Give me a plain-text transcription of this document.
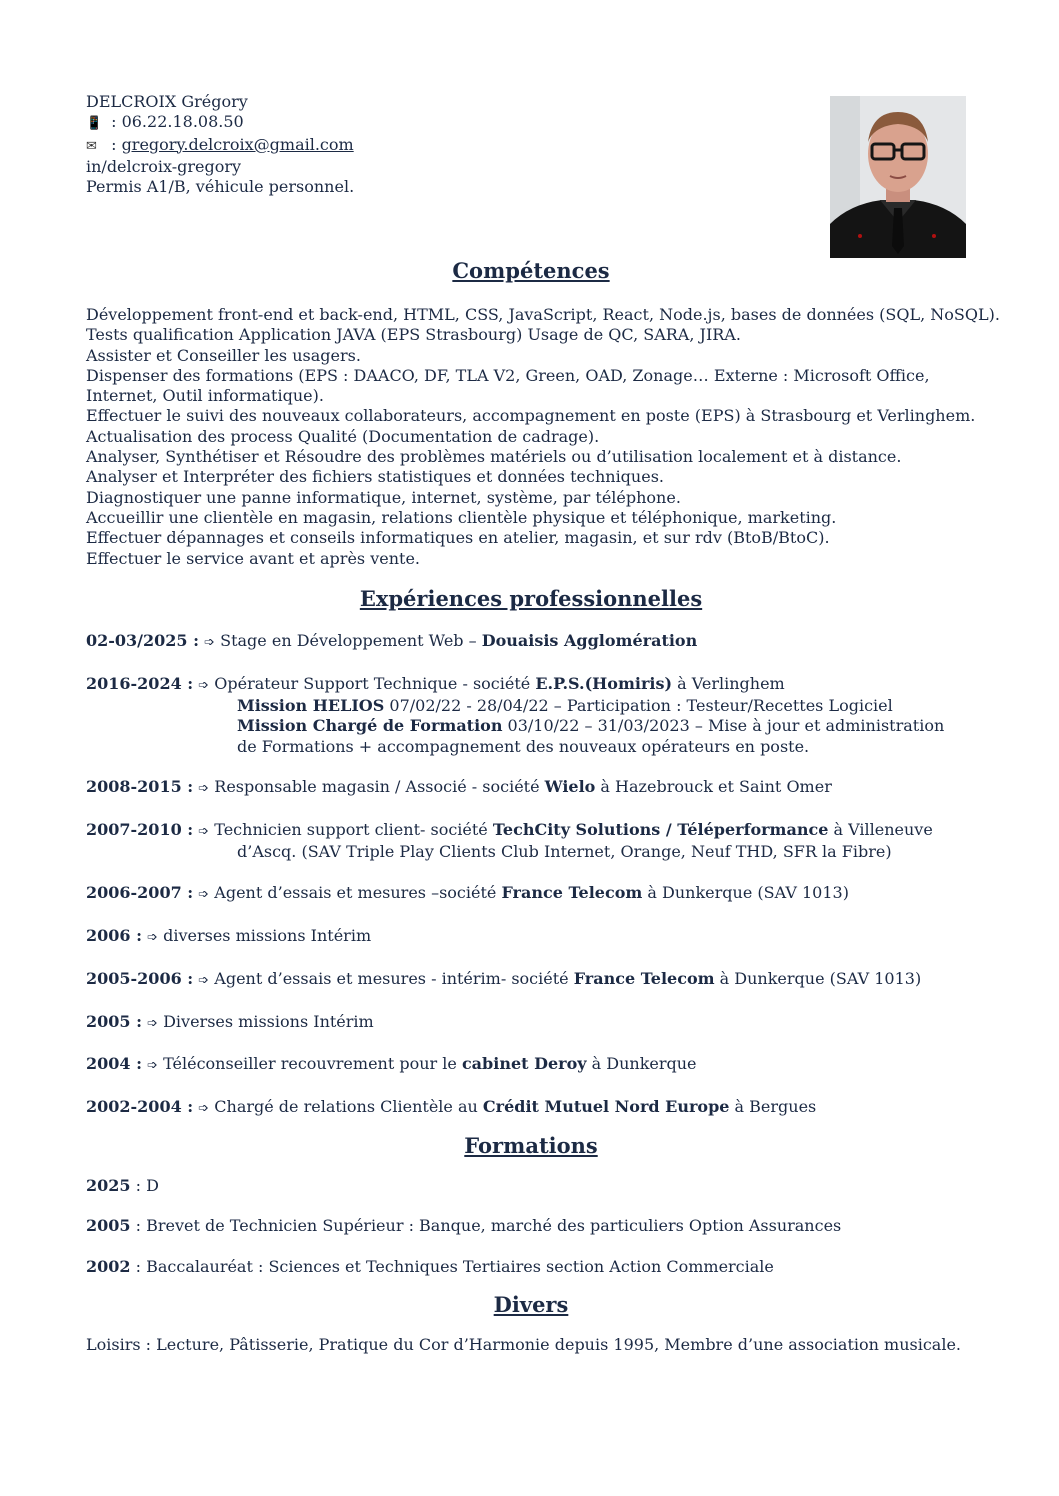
DELCROIX Grégory
📱 : 06.22.18.08.50
✉ : gregory.delcroix@gmail.com
in/delcroix-gregory
Permis A1/B, véhicule personnel.
Compétences
Développement front-end et back-end, HTML, CSS, JavaScript, React, Node.js, bases de données (SQL, NoSQL).
Tests qualification Application JAVA (EPS Strasbourg) Usage de QC, SARA, JIRA.
Assister et Conseiller les usagers.
Dispenser des formations (EPS : DAACO, DF, TLA V2, Green, OAD, Zonage… Externe : Microsoft Office,
Internet, Outil informatique).
Effectuer le suivi des nouveaux collaborateurs, accompagnement en poste (EPS) à Strasbourg et Verlinghem.
Actualisation des process Qualité (Documentation de cadrage).
Analyser, Synthétiser et Résoudre des problèmes matériels ou d’utilisation localement et à distance.
Analyser et Interpréter des fichiers statistiques et données techniques.
Diagnostiquer une panne informatique, internet, système, par téléphone.
Accueillir une clientèle en magasin, relations clientèle physique et téléphonique, marketing.
Effectuer dépannages et conseils informatiques en atelier, magasin, et sur rdv (BtoB/BtoC).
Effectuer le service avant et après vente.
Expériences professionnelles
02-03/2025 : ➩ Stage en Développement Web – Douaisis Agglomération
2016-2024 : ➩ Opérateur Support Technique - société E.P.S.(Homiris) à Verlinghem
Mission HELIOS 07/02/22 - 28/04/22 – Participation : Testeur/Recettes Logiciel
Mission Chargé de Formation 03/10/22 – 31/03/2023 – Mise à jour et administration
de Formations + accompagnement des nouveaux opérateurs en poste.
2008-2015 : ➩ Responsable magasin / Associé - société Wielo à Hazebrouck et Saint Omer
2007-2010 : ➩ Technicien support client- société TechCity Solutions / Téléperformance à Villeneuve
d’Ascq. (SAV Triple Play Clients Club Internet, Orange, Neuf THD, SFR la Fibre)
2006-2007 : ➩ Agent d’essais et mesures –société France Telecom à Dunkerque (SAV 1013)
2006 : ➩ diverses missions Intérim
2005-2006 : ➩ Agent d’essais et mesures - intérim- société France Telecom à Dunkerque (SAV 1013)
2005 : ➩ Diverses missions Intérim
2004 : ➩ Téléconseiller recouvrement pour le cabinet Deroy à Dunkerque
2002-2004 : ➩ Chargé de relations Clientèle au Crédit Mutuel Nord Europe à Bergues
Formations
2025 : D
2005 : Brevet de Technicien Supérieur : Banque, marché des particuliers Option Assurances
2002 : Baccalauréat : Sciences et Techniques Tertiaires section Action Commerciale
Divers
Loisirs : Lecture, Pâtisserie, Pratique du Cor d’Harmonie depuis 1995, Membre d’une association musicale.
